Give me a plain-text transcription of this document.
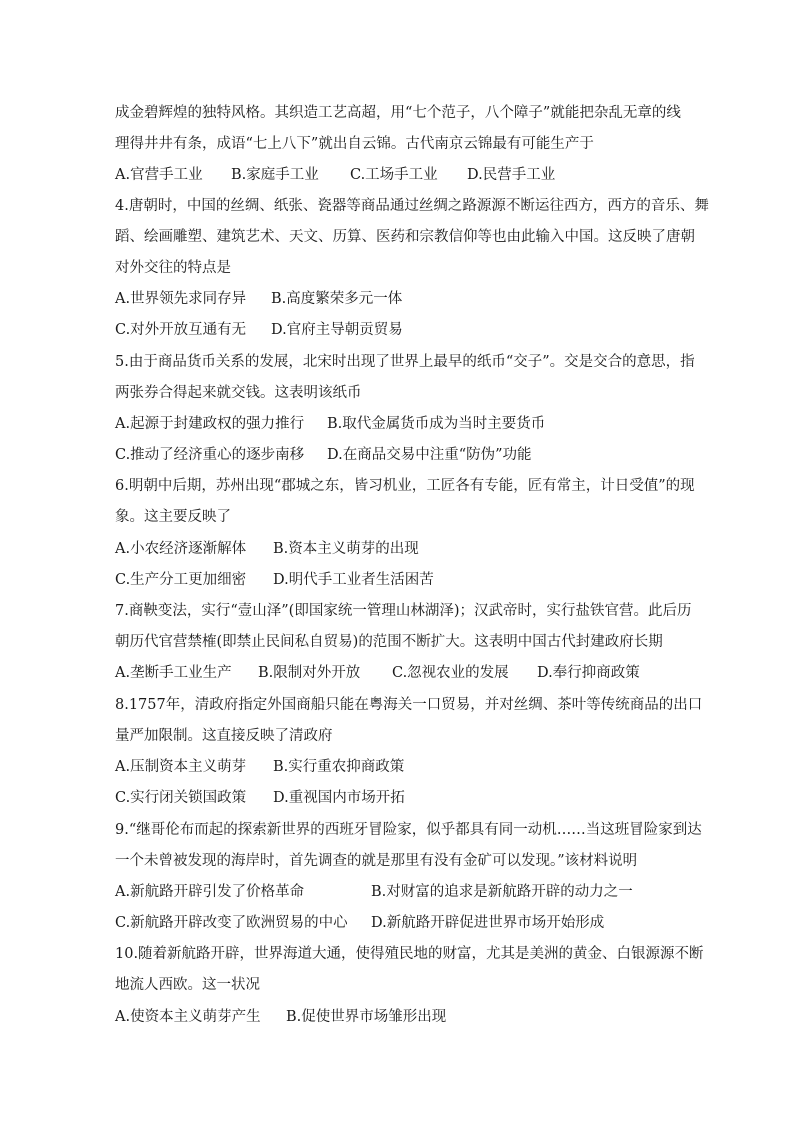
成金碧辉煌的独特风格。其织造工艺高超，用“七个范子，八个障子”就能把杂乱无章的线
理得井井有条，成语“七上八下”就出自云锦。古代南京云锦最有可能生产于
A.官营手工业 B.家庭手工业 C.工场手工业 D.民营手工业
4.唐朝时，中国的丝绸、纸张、瓷器等商品通过丝绸之路源源不断运往西方，西方的音乐、舞
蹈、绘画雕塑、建筑艺术、天文、历算、医药和宗教信仰等也由此输入中国。这反映了唐朝
对外交往的特点是
A.世界领先求同存异 B.高度繁荣多元一体
C.对外开放互通有无 D.官府主导朝贡贸易
5.由于商品货币关系的发展，北宋时出现了世界上最早的纸币“交子”。交是交合的意思，指
两张券合得起来就交钱。这表明该纸币
A.起源于封建政权的强力推行 B.取代金属货币成为当时主要货币
C.推动了经济重心的逐步南移 D.在商品交易中注重“防伪”功能
6.明朝中后期，苏州出现“郡城之东，皆习机业，工匠各有专能，匠有常主，计日受值”的现
象。这主要反映了
A.小农经济逐渐解体 B.资本主义萌芽的出现
C.生产分工更加细密 D.明代手工业者生活困苦
7.商鞅变法，实行“壹山泽”(即国家统一管理山林湖泽)；汉武帝时，实行盐铁官营。此后历
朝历代官营禁榷(即禁止民间私自贸易)的范围不断扩大。这表明中国古代封建政府长期
A.垄断手工业生产 B.限制对外开放 C.忽视农业的发展 D.奉行抑商政策
8.1757年，清政府指定外国商船只能在粤海关一口贸易，并对丝绸、茶叶等传统商品的出口
量严加限制。这直接反映了清政府
A.压制资本主义萌芽 B.实行重农抑商政策
C.实行闭关锁国政策 D.重视国内市场开拓
9.“继哥伦布而起的探索新世界的西班牙冒险家，似乎都具有同一动机……当这班冒险家到达
一个未曾被发现的海岸时，首先调查的就是那里有没有金矿可以发现。”该材料说明
A.新航路开辟引发了价格革命	B.对财富的追求是新航路开辟的动力之一
C.新航路开辟改变了欧洲贸易的中心 D.新航路开辟促进世界市场开始形成
10.随着新航路开辟，世界海道大通，使得殖民地的财富，尤其是美洲的黄金、白银源源不断
地流人西欧。这一状况
A.使资本主义萌芽产生 B.促使世界市场雏形出现
